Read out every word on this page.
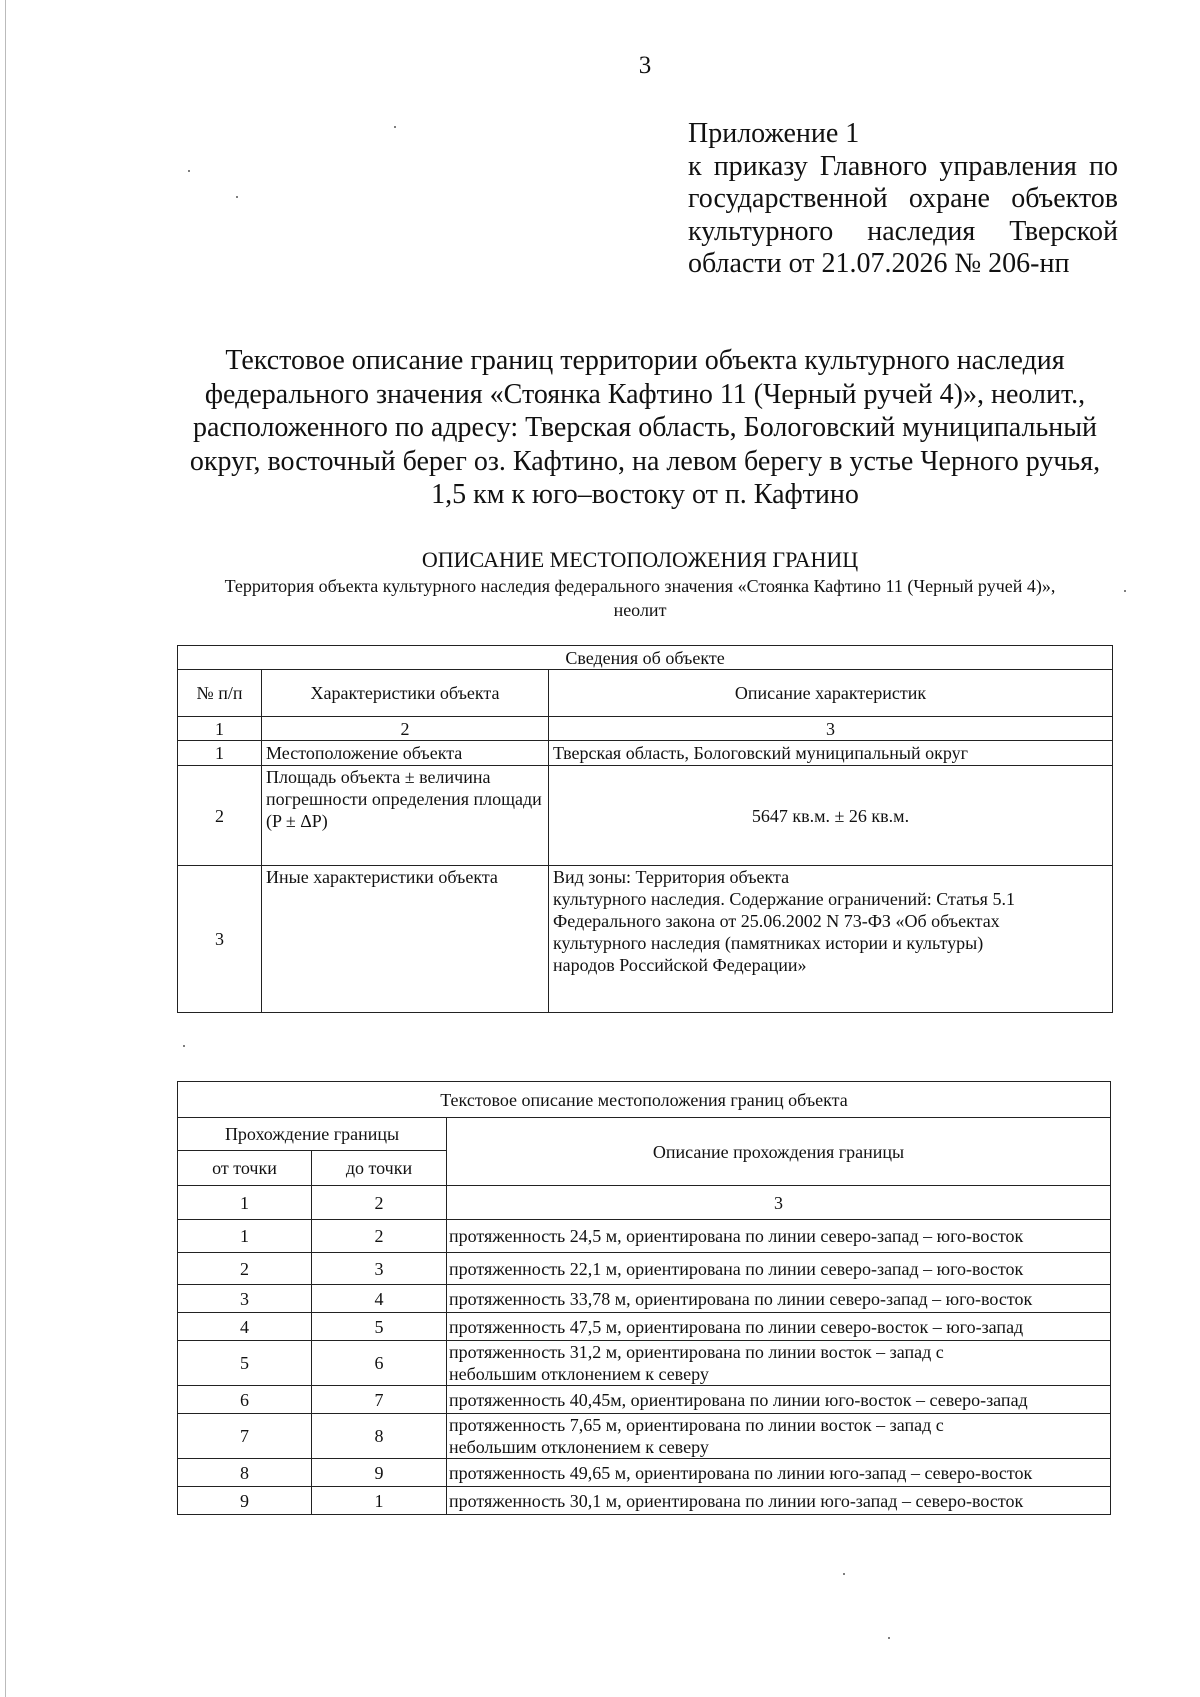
3
Приложение 1
к приказу Главного управления по
государственной охране объектов
культурного наследия Тверской
области от 21.07.2026 № 206-нп
Текстовое описание границ территории объекта культурного наследия
федерального значения «Стоянка Кафтино 11 (Черный ручей 4)», неолит.,
расположенного по адресу: Тверская область, Бологовский муниципальный
округ, восточный берег оз. Кафтино, на левом берегу в устье Черного ручья,
1,5 км к юго–востоку от п. Кафтино
ОПИСАНИЕ МЕСТОПОЛОЖЕНИЯ ГРАНИЦ
Территория объекта культурного наследия федерального значения «Стоянка Кафтино 11 (Черный ручей 4)»,
неолит
Сведения об объекте		
№ п/п	Характеристики объекта	Описание характеристик
1	2	3
1	Местоположение объекта	Тверская область, Бологовский муниципальный округ
2	Площадь объекта ± величина погрешности определения площади (P ± ΔP)	5647 кв.м. ± 26 кв.м.
3	Иные характеристики объекта	Вид зоны: Территория объекта
культурного наследия. Содержание ограничений: Статья 5.1
Федерального закона от 25.06.2002 N 73-ФЗ «Об объектах
культурного наследия (памятниках истории и культуры)
народов Российской Федерации»
Текстовое описание местоположения границ объекта		
Прохождение границы		Описание прохождения границы
от точки	до точки	
1	2	3
1	2	протяженность 24,5 м, ориентирована по линии северо-запад – юго-восток

2	3	протяженность 22,1 м, ориентирована по линии северо-запад – юго-восток

3	4	протяженность 33,78 м, ориентирована по линии северо-запад – юго-восток

4	5	протяженность 47,5 м, ориентирована по линии северо-восток – юго-запад

5	6	протяженность 31,2 м, ориентирована по линии восток – запад с
небольшим отклонением к северу

6	7	протяженность 40,45м, ориентирована по линии юго-восток – северо-запад

7	8	протяженность 7,65 м, ориентирована по линии восток – запад с
небольшим отклонением к северу

8	9	протяженность 49,65 м, ориентирована по линии юго-запад – северо-восток

9	1	протяженность 30,1 м, ориентирована по линии юго-запад – северо-восток
